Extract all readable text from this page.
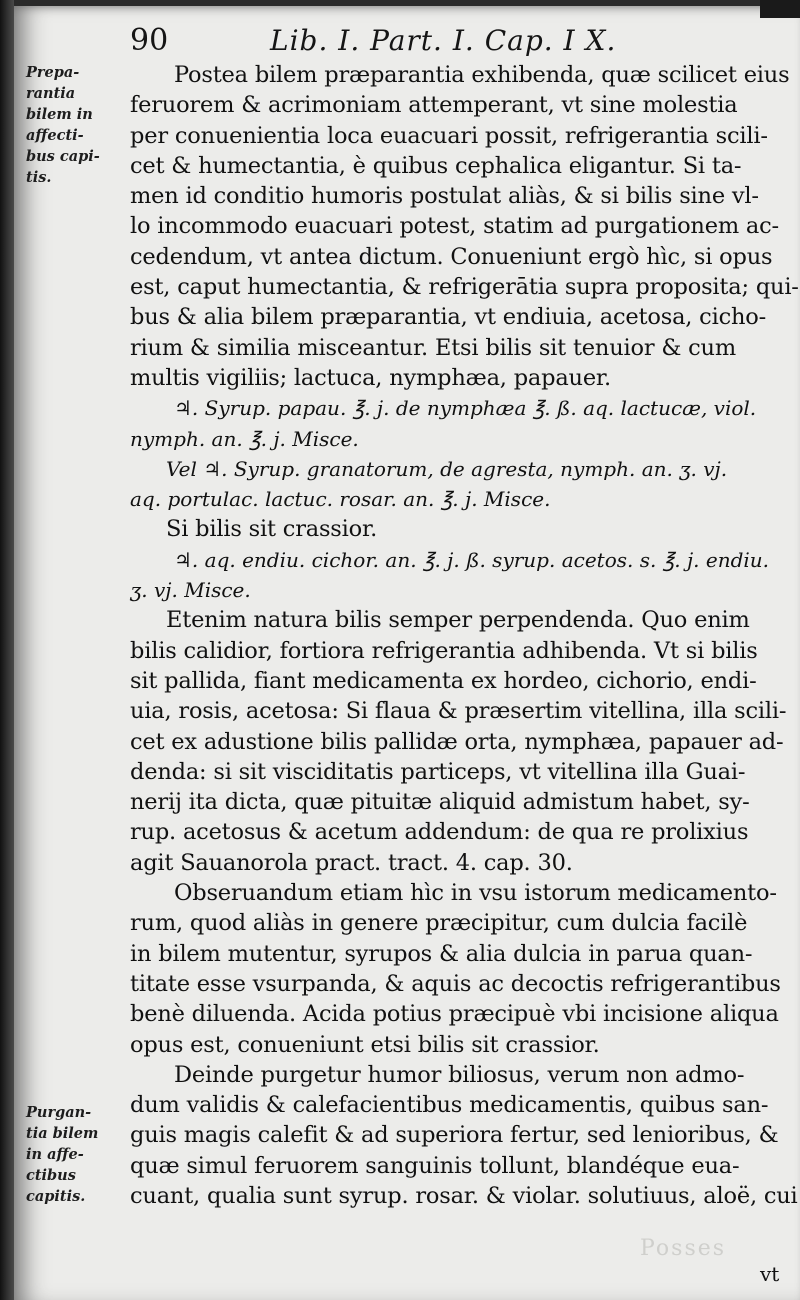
90	Lib. I. Part. I. Cap. I X.
Prepa-
rantia
bilem in
affecti-
bus capi-
tis.
Purgan-
tia bilem
in affe-
ctibus
capitis.
Postea bilem præparantia exhibenda, quæ scilicet eius
feruorem & acrimoniam attemperant, vt sine molestia
per conuenientia loca euacuari possit, refrigerantia scili-
cet & humectantia, è quibus cephalica eligantur. Si ta-
men id conditio humoris postulat aliàs, & si bilis sine vl-
lo incommodo euacuari potest, statim ad purgationem ac-
cedendum, vt antea dictum. Conueniunt ergò hìc, si opus
est, caput humectantia, & refrigerātia supra proposita; qui-
bus & alia bilem præparantia, vt endiuia, acetosa, cicho-
rium & similia misceantur. Etsi bilis sit tenuior & cum
multis vigiliis; lactuca, nymphæa, papauer.
♃. Syrup. papau. ℥. j. de nymphæa ℥. ß. aq. lactucæ, viol.
nymph. an. ℥. j. Misce.
Vel ♃. Syrup. granatorum, de agresta, nymph. an. ʒ. vj.
aq. portulac. lactuc. rosar. an. ℥. j. Misce.
Si bilis sit crassior.
♃. aq. endiu. cichor. an. ℥. j. ß. syrup. acetos. s. ℥. j. endiu.
ʒ. vj. Misce.
Etenim natura bilis semper perpendenda. Quo enim
bilis calidior, fortiora refrigerantia adhibenda. Vt si bilis
sit pallida, fiant medicamenta ex hordeo, cichorio, endi-
uia, rosis, acetosa: Si flaua & præsertim vitellina, illa scili-
cet ex adustione bilis pallidæ orta, nymphæa, papauer ad-
denda: si sit visciditatis particeps, vt vitellina illa Guai-
nerij ita dicta, quæ pituitæ aliquid admistum habet, sy-
rup. acetosus & acetum addendum: de qua re prolixius
agit Sauanorola pract. tract. 4. cap. 30.
Obseruandum etiam hìc in vsu istorum medicamento-
rum, quod aliàs in genere præcipitur, cum dulcia facilè
in bilem mutentur, syrupos & alia dulcia in parua quan-
titate esse vsurpanda, & aquis ac decoctis refrigerantibus
benè diluenda. Acida potius præcipuè vbi incisione aliqua
opus est, conueniunt etsi bilis sit crassior.
Deinde purgetur humor biliosus, verum non admo-
dum validis & calefacientibus medicamentis, quibus san-
guis magis calefit & ad superiora fertur, sed lenioribus, &
quæ simul feruorem sanguinis tollunt, blandéque eua-
cuant, qualia sunt syrup. rosar. & violar. solutiuus, aloë, cui
Posses
vt
